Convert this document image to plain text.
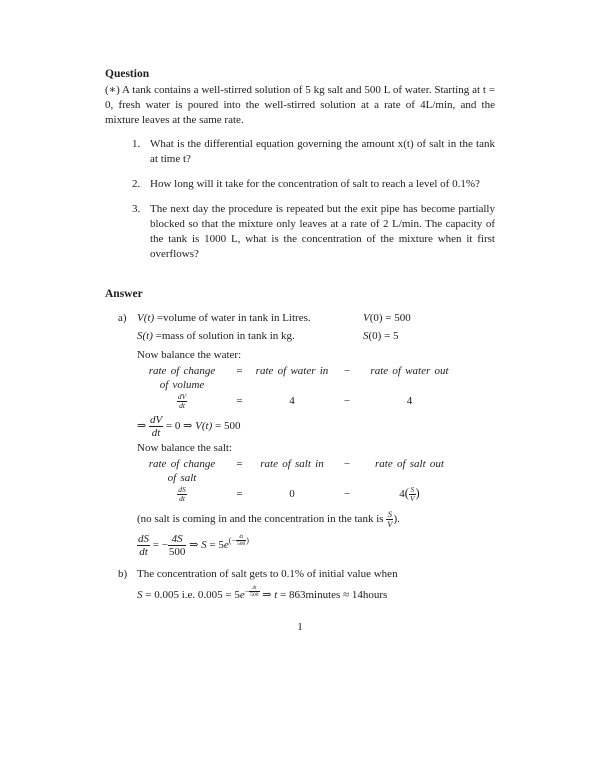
Question

(∗) A tank contains a well-stirred solution of 5 kg salt and 500 L of water. Starting at t = 0, fresh water is poured into the well-stirred solution at a rate of 4L/min, and the mixture leaves at the same rate.

1. What is the differential equation governing the amount x(t) of salt in the tank at time t?
2. How long will it take for the concentration of salt to reach a level of 0.1%?
3. The next day the procedure is repeated but the exit pipe has become partially blocked so that the mixture only leaves at a rate of 2 L/min. The capacity of the tank is 1000 L, what is the concentration of the mixture when it first overflows?
Answer
a) V(t) =volume of water in tank in Litres.	V(0) = 500
S(t) =mass of solution in tank in kg.	S(0) = 5
Now balance the water:
rate of change	=	rate of water in	−	rate of water out
of volume
$\frac{dV}{dt}$	=	4	−	4
⇒ $\frac{dV}{dt} = 0$ ⇒ V(t) = 500
Now balance the salt:
rate of change	=	rate of salt in	−	rate of salt out
of salt
$\frac{dS}{dt}$	=	0	−	$4( \frac{S}{V}$ )
(no salt is coming in and the concentration in the tank is $\frac{S}{V}$ ).
$\frac{dS}{dt}$ = − $\frac{4S}{500}$ ⇒ S = 5 e (− $\frac{4t}{500}$ )
b) The concentration of salt gets to 0.1% of initial value when
S = 0.005 i.e. 0.005 = 5 $e - \frac{4t}{500}$ ⇒ t = 863minutes ≈ 14hours
1
